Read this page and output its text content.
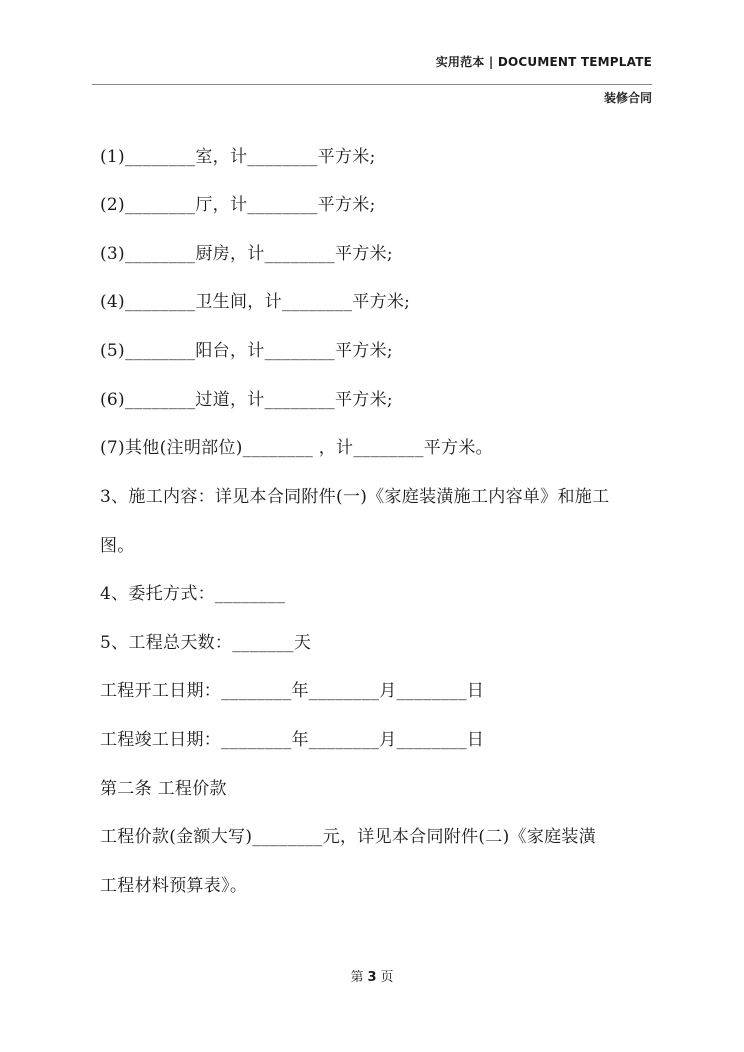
实用范本 | DOCUMENT TEMPLATE
装修合同
(1)________室，计________平方米;
(2)________厅，计________平方米;
(3)________厨房，计________平方米;
(4)________卫生间，计________平方米;
(5)________阳台，计________平方米;
(6)________过道，计________平方米;
(7)其他(注明部位)________ ，计________平方米。
3、施工内容：详见本合同附件(一)《家庭装潢施工内容单》和施工
图。
4、委托方式：________
5、工程总天数：_______天
工程开工日期：________年________月________日
工程竣工日期：________年________月________日
第二条 工程价款
工程价款(金额大写)________元，详见本合同附件(二)《家庭装潢
工程材料预算表》。
第 3 页
